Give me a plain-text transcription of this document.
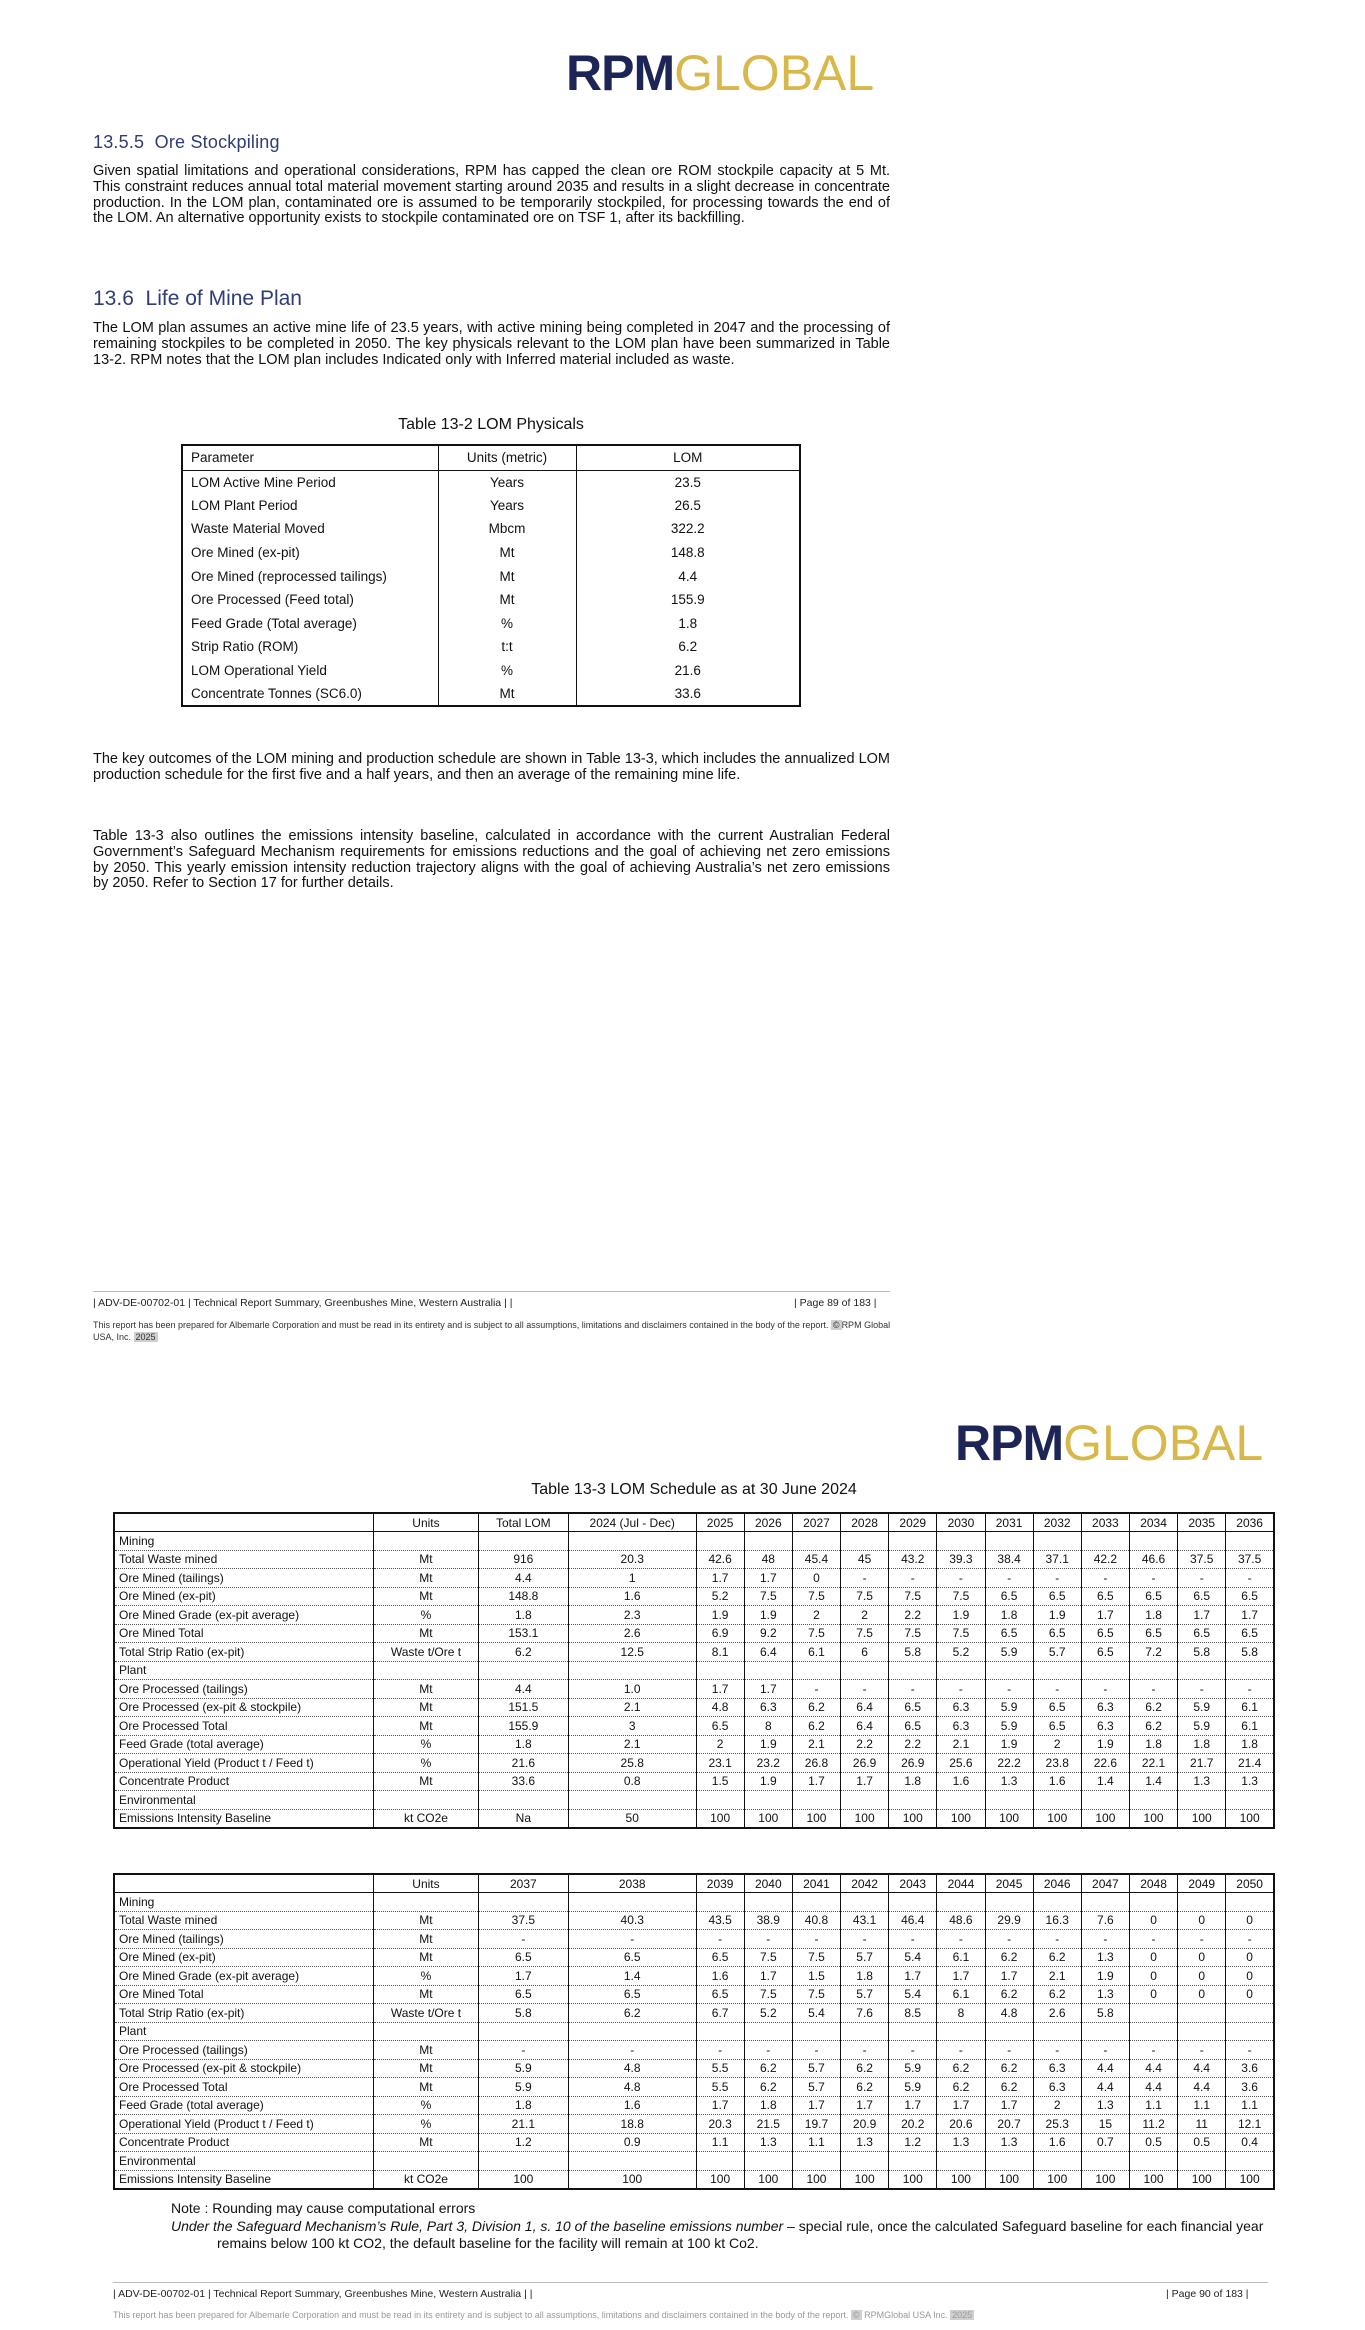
RPMGLOBAL
13.5.5 Ore Stockpiling
Given spatial limitations and operational considerations, RPM has capped the clean ore ROM stockpile capacity at 5 Mt. This constraint reduces annual total material movement starting around 2035 and results in a slight decrease in concentrate production. In the LOM plan, contaminated ore is assumed to be temporarily stockpiled, for processing towards the end of the LOM. An alternative opportunity exists to stockpile contaminated ore on TSF 1, after its backfilling.
13.6 Life of Mine Plan
The LOM plan assumes an active mine life of 23.5 years, with active mining being completed in 2047 and the processing of remaining stockpiles to be completed in 2050. The key physicals relevant to the LOM plan have been summarized in Table 13-2. RPM notes that the LOM plan includes Indicated only with Inferred material included as waste.
Table 13-2 LOM Physicals
Parameter	Units (metric)	LOM
LOM Active Mine Period	Years	23.5
LOM Plant Period	Years	26.5
Waste Material Moved	Mbcm	322.2
Ore Mined (ex-pit)	Mt	148.8
Ore Mined (reprocessed tailings)	Mt	4.4
Ore Processed (Feed total)	Mt	155.9
Feed Grade (Total average)	%	1.8
Strip Ratio (ROM)	t:t	6.2
LOM Operational Yield	%	21.6
Concentrate Tonnes (SC6.0)	Mt	33.6
The key outcomes of the LOM mining and production schedule are shown in Table 13-3, which includes the annualized LOM production schedule for the first five and a half years, and then an average of the remaining mine life.
Table 13-3 also outlines the emissions intensity baseline, calculated in accordance with the current Australian Federal Government’s Safeguard Mechanism requirements for emissions reductions and the goal of achieving net zero emissions by 2050. This yearly emission intensity reduction trajectory aligns with the goal of achieving Australia’s net zero emissions by 2050. Refer to Section 17 for further details.
| ADV-DE-00702-01 | Technical Report Summary, Greenbushes Mine, Western Australia | |	| Page 89 of 183 |
This report has been prepared for Albemarle Corporation and must be read in its entirety and is subject to all assumptions, limitations and disclaimers contained in the body of the report. © RPM Global USA, Inc. 2025
RPMGLOBAL
Table 13-3 LOM Schedule as at 30 June 2024
	Units	Total LOM	2024 (Jul - Dec)	2025	2026	2027	2028	2029	2030	2031	2032	2033	2034	2035	2036
Mining															
Total Waste mined	Mt	916	20.3	42.6	48	45.4	45	43.2	39.3	38.4	37.1	42.2	46.6	37.5	37.5
Ore Mined (tailings)	Mt	4.4	1	1.7	1.7	0	-	-	-	-	-	-	-	-	-
Ore Mined (ex-pit)	Mt	148.8	1.6	5.2	7.5	7.5	7.5	7.5	7.5	6.5	6.5	6.5	6.5	6.5	6.5
Ore Mined Grade (ex-pit average)	%	1.8	2.3	1.9	1.9	2	2	2.2	1.9	1.8	1.9	1.7	1.8	1.7	1.7
Ore Mined Total	Mt	153.1	2.6	6.9	9.2	7.5	7.5	7.5	7.5	6.5	6.5	6.5	6.5	6.5	6.5
Total Strip Ratio (ex-pit)	Waste t/Ore t	6.2	12.5	8.1	6.4	6.1	6	5.8	5.2	5.9	5.7	6.5	7.2	5.8	5.8
Plant															
Ore Processed (tailings)	Mt	4.4	1.0	1.7	1.7	-	-	-	-	-	-	-	-	-	-
Ore Processed (ex-pit & stockpile)	Mt	151.5	2.1	4.8	6.3	6.2	6.4	6.5	6.3	5.9	6.5	6.3	6.2	5.9	6.1
Ore Processed Total	Mt	155.9	3	6.5	8	6.2	6.4	6.5	6.3	5.9	6.5	6.3	6.2	5.9	6.1
Feed Grade (total average)	%	1.8	2.1	2	1.9	2.1	2.2	2.2	2.1	1.9	2	1.9	1.8	1.8	1.8
Operational Yield (Product t / Feed t)	%	21.6	25.8	23.1	23.2	26.8	26.9	26.9	25.6	22.2	23.8	22.6	22.1	21.7	21.4
Concentrate Product	Mt	33.6	0.8	1.5	1.9	1.7	1.7	1.8	1.6	1.3	1.6	1.4	1.4	1.3	1.3
Environmental															
Emissions Intensity Baseline	kt CO2e	Na	50	100	100	100	100	100	100	100	100	100	100	100	100
	Units	2037	2038	2039	2040	2041	2042	2043	2044	2045	2046	2047	2048	2049	2050
Mining															
Total Waste mined	Mt	37.5	40.3	43.5	38.9	40.8	43.1	46.4	48.6	29.9	16.3	7.6	0	0	0
Ore Mined (tailings)	Mt	-	-	-	-	-	-	-	-	-	-	-	-	-	-
Ore Mined (ex-pit)	Mt	6.5	6.5	6.5	7.5	7.5	5.7	5.4	6.1	6.2	6.2	1.3	0	0	0
Ore Mined Grade (ex-pit average)	%	1.7	1.4	1.6	1.7	1.5	1.8	1.7	1.7	1.7	2.1	1.9	0	0	0
Ore Mined Total	Mt	6.5	6.5	6.5	7.5	7.5	5.7	5.4	6.1	6.2	6.2	1.3	0	0	0
Total Strip Ratio (ex-pit)	Waste t/Ore t	5.8	6.2	6.7	5.2	5.4	7.6	8.5	8	4.8	2.6	5.8			
Plant															
Ore Processed (tailings)	Mt	-	-	-	-	-	-	-	-	-	-	-	-	-	-
Ore Processed (ex-pit & stockpile)	Mt	5.9	4.8	5.5	6.2	5.7	6.2	5.9	6.2	6.2	6.3	4.4	4.4	4.4	3.6
Ore Processed Total	Mt	5.9	4.8	5.5	6.2	5.7	6.2	5.9	6.2	6.2	6.3	4.4	4.4	4.4	3.6
Feed Grade (total average)	%	1.8	1.6	1.7	1.8	1.7	1.7	1.7	1.7	1.7	2	1.3	1.1	1.1	1.1
Operational Yield (Product t / Feed t)	%	21.1	18.8	20.3	21.5	19.7	20.9	20.2	20.6	20.7	25.3	15	11.2	11	12.1
Concentrate Product	Mt	1.2	0.9	1.1	1.3	1.1	1.3	1.2	1.3	1.3	1.6	0.7	0.5	0.5	0.4
Environmental															
Emissions Intensity Baseline	kt CO2e	100	100	100	100	100	100	100	100	100	100	100	100	100	100
Note : Rounding may cause computational errors
Under the Safeguard Mechanism’s Rule, Part 3, Division 1, s. 10 of the baseline emissions number – special rule, once the calculated Safeguard baseline for each financial year remains below 100 kt CO2, the default baseline for the facility will remain at 100 kt Co2.
| ADV-DE-00702-01 | Technical Report Summary, Greenbushes Mine, Western Australia | |	| Page 90 of 183 |
This report has been prepared for Albemarle Corporation and must be read in its entirety and is subject to all assumptions, limitations and disclaimers contained in the body of the report. © RPMGlobal USA Inc. 2025
